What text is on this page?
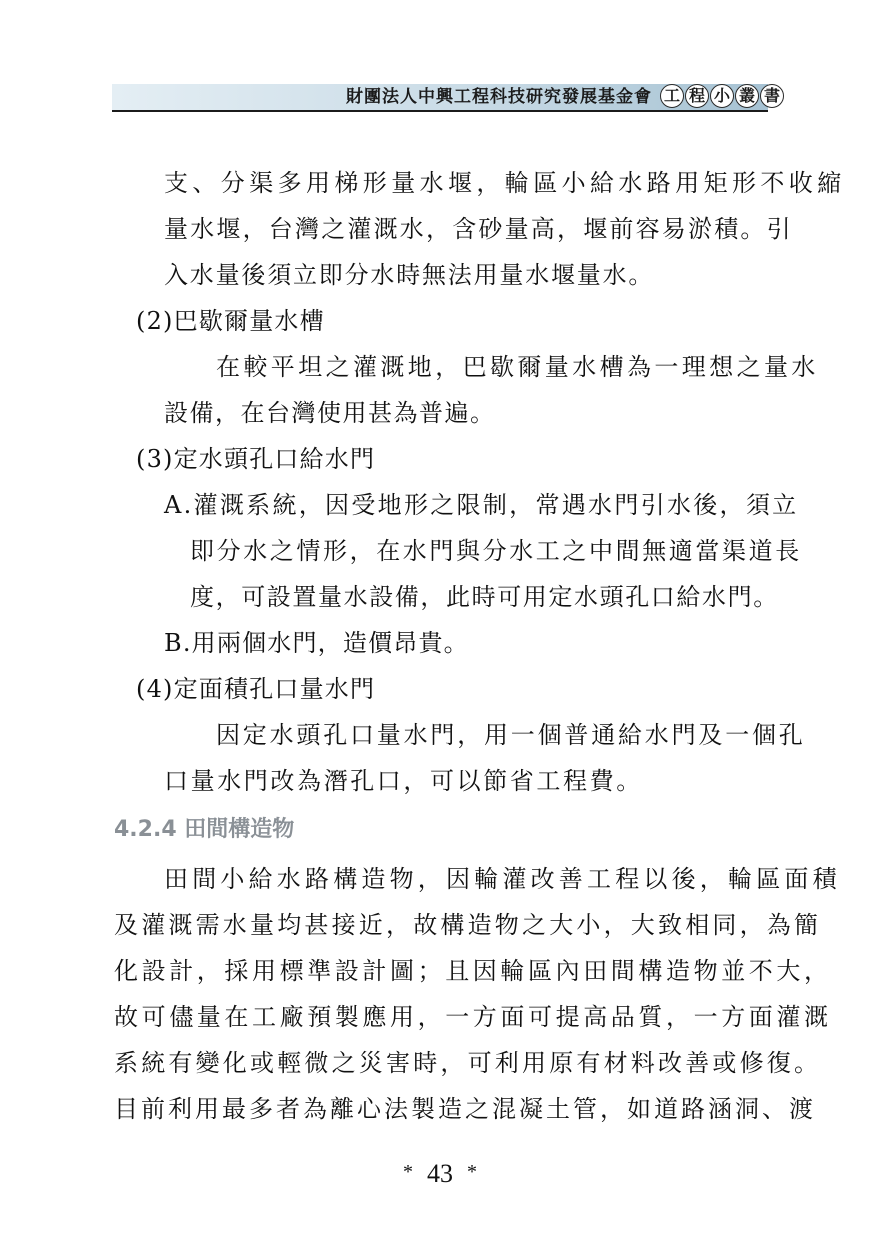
財團法人中興工程科技研究發展基金會 工 程 小 叢 書
支、分渠多用梯形量水堰，輪區小給水路用矩形不收縮
量水堰，台灣之灌溉水，含砂量高，堰前容易淤積。引
入水量後須立即分水時無法用量水堰量水。
(2)巴歇爾量水槽
在較平坦之灌溉地，巴歇爾量水槽為一理想之量水
設備，在台灣使用甚為普遍。
(3)定水頭孔口給水門
A.灌溉系統，因受地形之限制，常遇水門引水後，須立
即分水之情形，在水門與分水工之中間無適當渠道長
度，可設置量水設備，此時可用定水頭孔口給水門。
B.用兩個水門，造價昂貴。
(4)定面積孔口量水門
因定水頭孔口量水門，用一個普通給水門及一個孔
口量水門改為潛孔口，可以節省工程費。
4.2.4 田間構造物
田間小給水路構造物，因輪灌改善工程以後，輪區面積
及灌溉需水量均甚接近，故構造物之大小，大致相同，為簡
化設計，採用標準設計圖；且因輪區內田間構造物並不大，
故可儘量在工廠預製應用，一方面可提高品質，一方面灌溉
系統有變化或輕微之災害時，可利用原有材料改善或修復。
目前利用最多者為離心法製造之混凝土管，如道路涵洞、渡
* 43 *
